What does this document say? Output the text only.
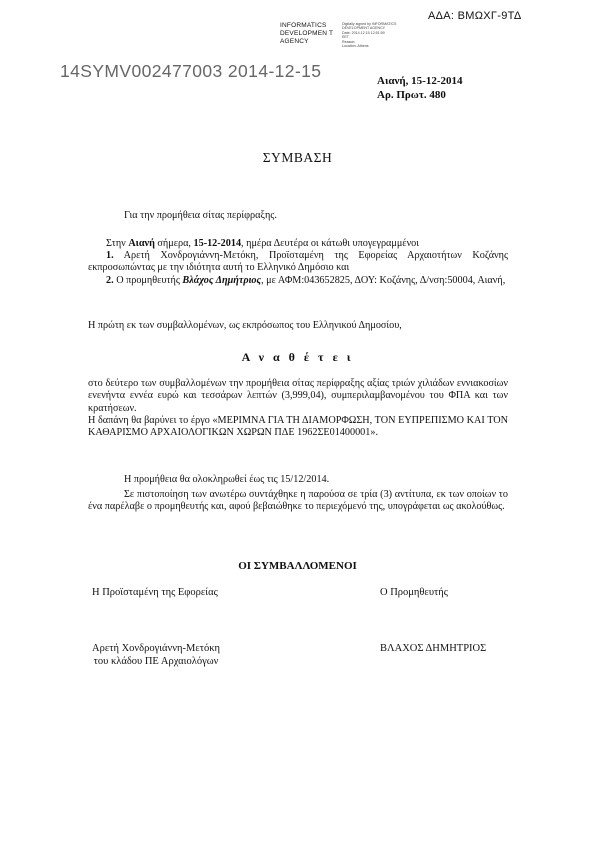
ΑΔΑ: ΒΜΩΧΓ-9ΤΔ
INFORMATICS DEVELOPMEN T AGENCY
Digitally signed by INFORMATICS
DEVELOPMENT AGENCY
Date: 2014.12.15 12:51:59
EET
Reason:
Location: Athens
14SYMV002477003 2014-12-15	Αιανή, 15-12-2014
Αρ. Πρωτ. 480
ΣΥΜΒΑΣΗ
Για την προμήθεια σίτας περίφραξης.
Στην Αιανή σήμερα, 15-12-2014, ημέρα Δευτέρα οι κάτωθι υπογεγραμμένοι
1. Αρετή Χονδρογιάννη-Μετόκη, Προϊσταμένη της Εφορείας Αρχαιοτήτων Κοζάνης εκπροσωπώντας με την ιδιότητα αυτή το Ελληνικό Δημόσιο και
2. Ο προμηθευτής Βλάχος Δημήτριος, με ΑΦΜ:043652825, ΔΟΥ: Κοζάνης, Δ/νση:50004, Αιανή,
Η πρώτη εκ των συμβαλλομένων, ως εκπρόσωπος του Ελληνικού Δημοσίου,
Α ν α θ έ τ ε ι
στο δεύτερο των συμβαλλομένων την προμήθεια σίτας περίφραξης αξίας τριών χιλιάδων εννιακοσίων ενενήντα εννέα ευρώ και τεσσάρων λεπτών (3,999,04), συμπεριλαμβανομένου του ΦΠΑ και των κρατήσεων.
Η δαπάνη θα βαρύνει το έργο «ΜΕΡΙΜΝΑ ΓΙΑ ΤΗ ΔΙΑΜΟΡΦΩΣΗ, ΤΟΝ ΕΥΠΡΕΠΙΣΜΟ ΚΑΙ ΤΟΝ ΚΑΘΑΡΙΣΜΟ ΑΡΧΑΙΟΛΟΓΙΚΩΝ ΧΩΡΩΝ ΠΔΕ 1962ΣΕ01400001».
Η προμήθεια θα ολοκληρωθεί έως τις 15/12/2014.
Σε πιστοποίηση των ανωτέρω συντάχθηκε η παρούσα σε τρία (3) αντίτυπα, εκ των οποίων το ένα παρέλαβε ο προμηθευτής και, αφού βεβαιώθηκε το περιεχόμενό της, υπογράφεται ως ακολούθως.
ΟΙ ΣΥΜΒΑΛΛΟΜΕΝΟΙ
Η Προϊσταμένη της Εφορείας	Ο Προμηθευτής
Αρετή Χονδρογιάννη-Μετόκη
του κλάδου ΠΕ Αρχαιολόγων
ΒΛΑΧΟΣ ΔΗΜΗΤΡΙΟΣ
